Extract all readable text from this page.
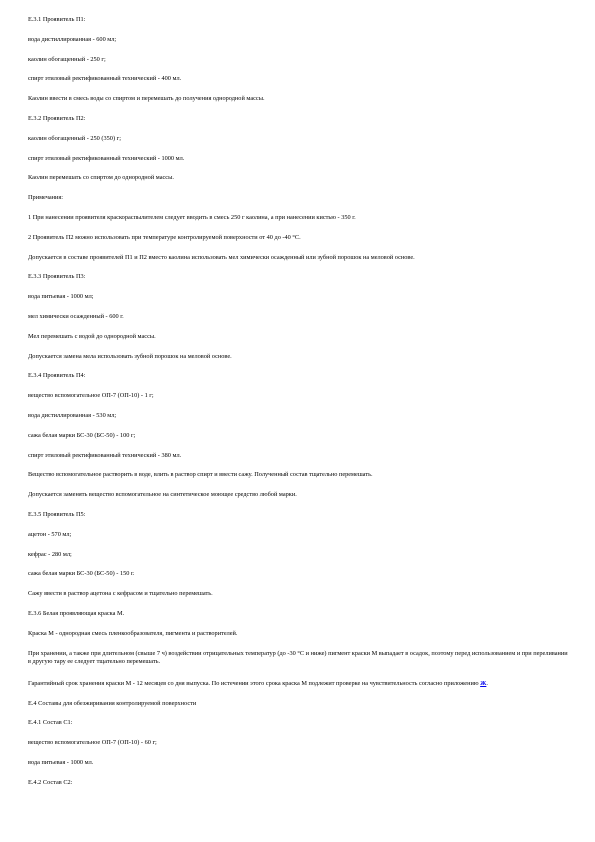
Е.3.1 Проявитель П1:

вода дистиллированная - 600 мл;

каолин обогащенный - 250 г;

спирт этиловый ректификованный технический - 400 мл.

Каолин ввести в смесь воды со спиртом и перемешать до получения однородной массы.

Е.3.2 Проявитель П2:

каолин обогащенный - 250 (350) г;

спирт этиловый ректификованный технический - 1000 мл.

Каолин перемешать со спиртом до однородной массы.

Примечания:

1 При нанесении проявителя краскораспылителем следует вводить в смесь 250 г каолина, а при нанесении кистью - 350 г.

2 Проявитель П2 можно использовать при температуре контролируемой поверхности от 40 до -40 °С.

Допускается в составе проявителей П1 и П2 вместо каолина использовать мел химически осажденный или зубной порошок на меловой основе.

Е.3.3 Проявитель П3:

вода питьевая - 1000 мл;

мел химически осажденный - 600 г.

Мел перемешать с водой до однородной массы.

Допускается замена мела использовать зубной порошок на меловой основе.

Е.3.4 Проявитель П4:

вещество вспомогательное ОП-7 (ОП-10) - 1 г;

вода дистиллированная - 530 мл;

сажа белая марки БС-30 (БС-50) - 100 г;

спирт этиловый ректификованный технический - 380 мл.

Вещество вспомогательное растворить в воде, влить в раствор спирт и ввести сажу. Полученный состав тщательно перемешать.

Допускается заменять вещество вспомогательное на синтетическое моющее средство любой марки.

Е.3.5 Проявитель П5:

ацетон - 570 мл;

кефрас - 280 мл;

сажа белая марки БС-30 (БС-50) - 150 г.

Сажу ввести в раствор ацетона с кефрасом и тщательно перемешать.

Е.3.6 Белая проявляющая краска М.

Краска М - однородная смесь пленкообразователя, пигмента и растворителей.

При хранении, а также при длительном (свыше 7 ч) воздействии отрицательных температур (до -30 °С и ниже) пигмент краски М выпадает в осадок, поэтому перед использованием и при переливании в другую тару ее следует тщательно перемешать.

Гарантийный срок хранения краски М - 12 месяцев со дня выпуска. По истечении этого срока краска М подлежит проверке на чувствительность согласно приложению Ж.

Е.4 Составы для обезжиривания контролируемой поверхности

Е.4.1 Состав С1:

вещество вспомогательное ОП-7 (ОП-10) - 60 г;

вода питьевая - 1000 мл.

Е.4.2 Состав С2:
